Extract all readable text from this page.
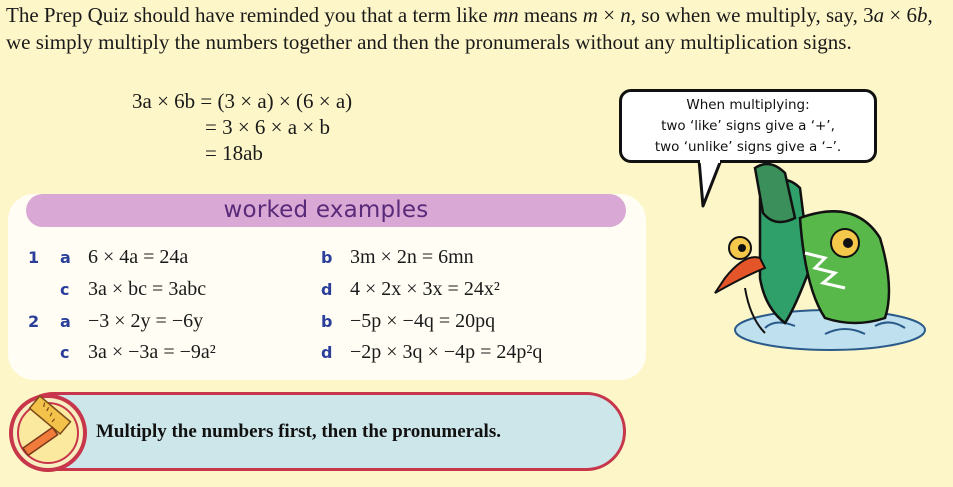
The Prep Quiz should have reminded you that a term like mn means m × n, so when we multiply, say, 3a × 6b, we simply multiply the numbers together and then the pronumerals without any multiplication signs.

3a × 6b = (3 × a) × (6 × a)
= 3 × 6 × a × b
= 18ab
When multiplying:
two ‘like’ signs give a ‘+’,
two ‘unlike’ signs give a ‘–’.
worked examples
1 a 6 × 4a = 24a	b 3m × 2n = 6mn
c 3a × bc = 3abc	d 4 × 2x × 3x = 24x²
2 a −3 × 2y = −6y	b −5p × −4q = 20pq
c 3a × −3a = −9a²	d −2p × 3q × −4p = 24p²q
Multiply the numbers first, then the pronumerals.
